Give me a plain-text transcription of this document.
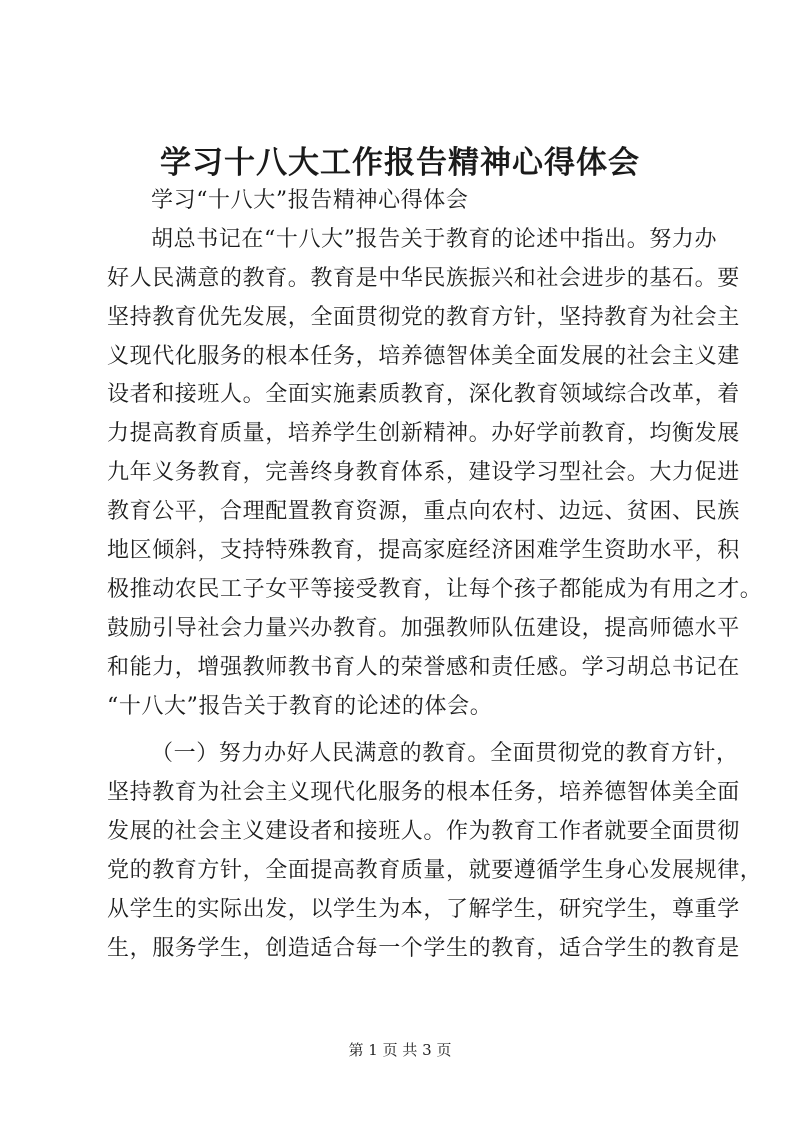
学习十八大工作报告精神心得体会
学习“十八大”报告精神心得体会
胡总书记在“十八大”报告关于教育的论述中指出。努力办
好人民满意的教育。教育是中华民族振兴和社会进步的基石。要
坚持教育优先发展，全面贯彻党的教育方针，坚持教育为社会主
义现代化服务的根本任务，培养德智体美全面发展的社会主义建
设者和接班人。全面实施素质教育，深化教育领域综合改革，着
力提高教育质量，培养学生创新精神。办好学前教育，均衡发展
九年义务教育，完善终身教育体系，建设学习型社会。大力促进
教育公平，合理配置教育资源，重点向农村、边远、贫困、民族
地区倾斜，支持特殊教育，提高家庭经济困难学生资助水平，积
极推动农民工子女平等接受教育，让每个孩子都能成为有用之才。
鼓励引导社会力量兴办教育。加强教师队伍建设，提高师德水平
和能力，增强教师教书育人的荣誉感和责任感。学习胡总书记在
“十八大”报告关于教育的论述的体会。
（一）努力办好人民满意的教育。全面贯彻党的教育方针，
坚持教育为社会主义现代化服务的根本任务，培养德智体美全面
发展的社会主义建设者和接班人。作为教育工作者就要全面贯彻
党的教育方针，全面提高教育质量，就要遵循学生身心发展规律，
从学生的实际出发，以学生为本，了解学生，研究学生，尊重学
生，服务学生，创造适合每一个学生的教育，适合学生的教育是
第 1 页 共 3 页
